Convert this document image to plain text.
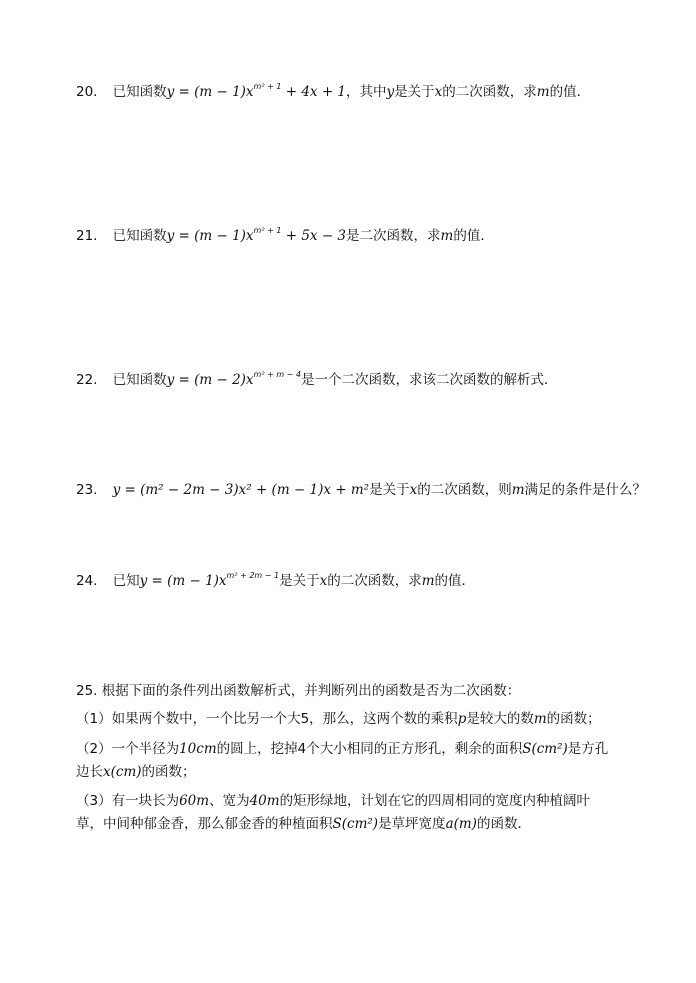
20. 已知函数$y = (m - 1)x^{m^2 + 1} + 4x + 1$，其中y是关于x的二次函数，求m的值．
21. 已知函数$y = (m - 1)x^{m^2 + 1} + 5x - 3$是二次函数，求m的值．
22. 已知函数$y = (m - 2)x^{m^2 + m - 4}$是一个二次函数，求该二次函数的解析式．
23. y = (m² − 2m − 3)x² + (m − 1)x + m²是关于x的二次函数，则m满足的条件是什么？
24. 已知$y = (m - 1)x^{m^2 + 2m - 1}$是关于x的二次函数，求m的值．
25. 根据下面的条件列出函数解析式，并判断列出的函数是否为二次函数：
（1）如果两个数中，一个比另一个大5，那么，这两个数的乘积p是较大的数m的函数；
（2）一个半径为10cm的圆上，挖掉4个大小相同的正方形孔，剩余的面积S(cm²)是方孔
边长x(cm)的函数；
（3）有一块长为60m、宽为40m的矩形绿地，计划在它的四周相同的宽度内种植阔叶
草，中间种郁金香，那么郁金香的种植面积S(cm²)是草坪宽度a(m)的函数．
